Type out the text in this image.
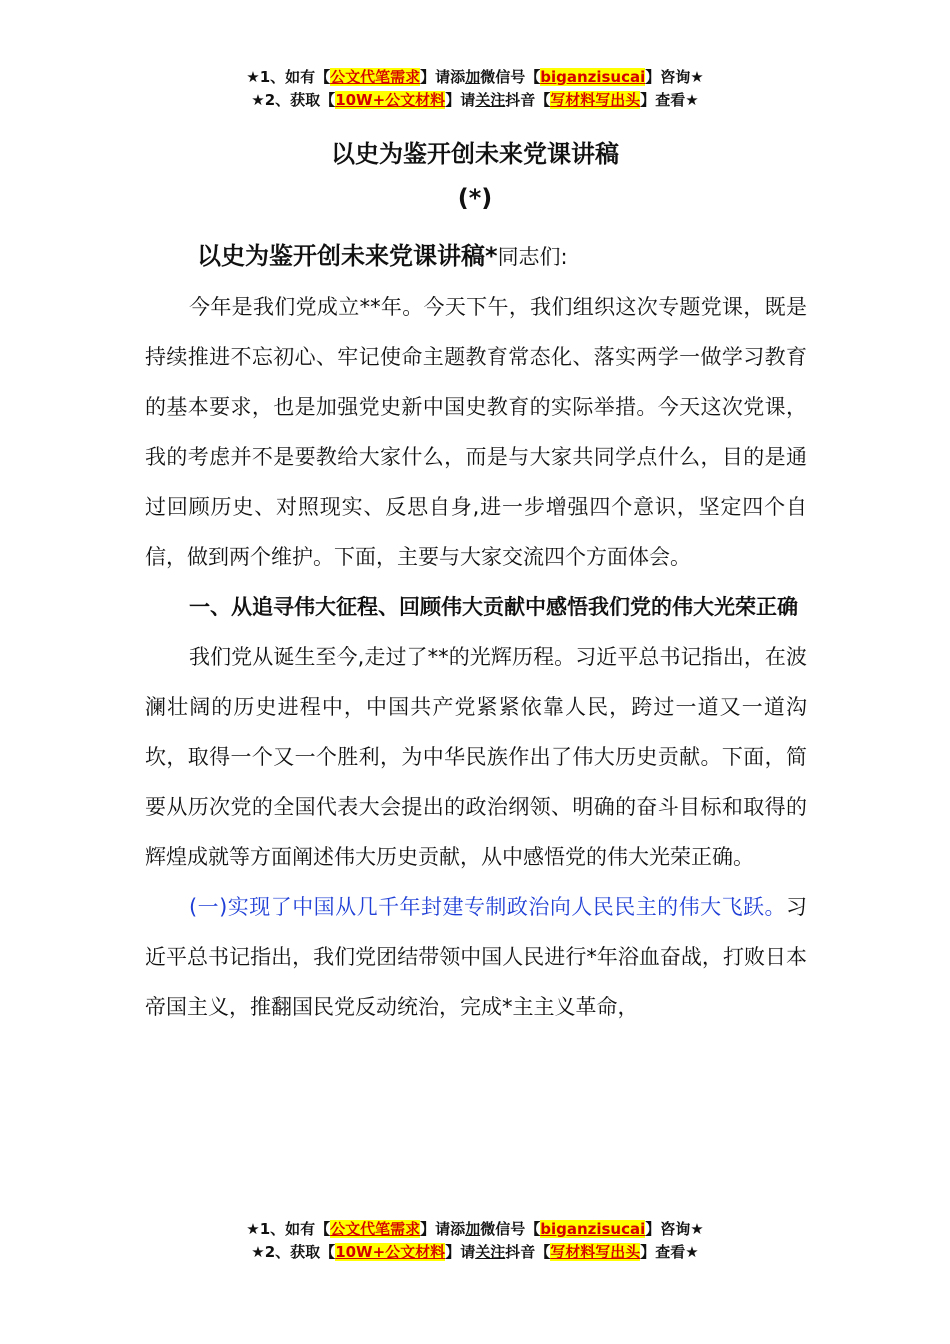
★1、如有【公文代笔需求】请添加微信号【biganzisucai】咨询★
★2、获取【10W+公文材料】请关注抖音【写材料写出头】查看★
以史为鉴开创未来党课讲稿
(*)

以史为鉴开创未来党课讲稿*同志们:

今年是我们党成立**年。今天下午，我们组织这次专题党课，既是持续推进不忘初心、牢记使命主题教育常态化、落实两学一做学习教育的基本要求，也是加强党史新中国史教育的实际举措。今天这次党课，我的考虑并不是要教给大家什么，而是与大家共同学点什么，目的是通过回顾历史、对照现实、反思自身,进一步增强四个意识，坚定四个自信，做到两个维护。下面，主要与大家交流四个方面体会。

一、从追寻伟大征程、回顾伟大贡献中感悟我们党的伟大光荣正确

我们党从诞生至今,走过了**的光辉历程。习近平总书记指出，在波澜壮阔的历史进程中，中国共产党紧紧依靠人民，跨过一道又一道沟坎，取得一个又一个胜利，为中华民族作出了伟大历史贡献。下面，简要从历次党的全国代表大会提出的政治纲领、明确的奋斗目标和取得的辉煌成就等方面阐述伟大历史贡献，从中感悟党的伟大光荣正确。

(一)实现了中国从几千年封建专制政治向人民民主的伟大飞跃。习近平总书记指出，我们党团结带领中国人民进行*年浴血奋战，打败日本帝国主义，推翻国民党反动统治，完成*主主义革命，

★1、如有【公文代笔需求】请添加微信号【biganzisucai】咨询★
★2、获取【10W+公文材料】请关注抖音【写材料写出头】查看★
